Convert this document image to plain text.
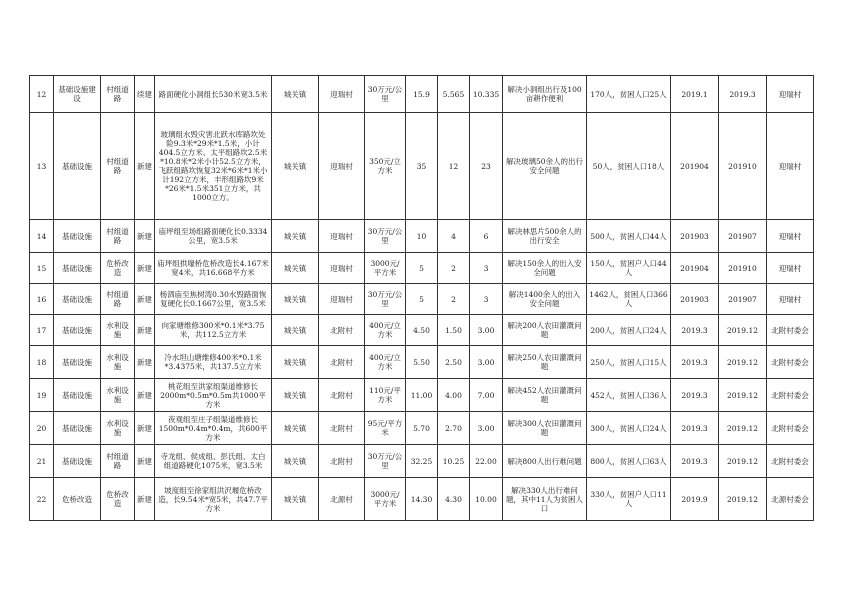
12	基础设施建设	村组道路	续建	路面硬化小洞组长530米宽3.5米	城关镇	迎瑞村	30万元/公里	15.9	5.565	10.335	解决小洞组出行及100亩耕作便利	170人，贫困人口25人	2019.1	2019.3	迎瑞村
13	基础设施	村组道路	新建	玻璃组水毁灾害北跃水库路坎处险9.3米*29米*1.5米，小计404.5立方米、太平组路坎2.5米*10.8米*2米小计52.5立方米，飞跃组路坎恢复32米*6米*1米小计192立方米，丰形组路坎9米*26米*1.5米351立方米，共1000立方。	城关镇	迎瑞村	350元/立方米	35	12	23	解决玻璃50余人的出行安全问题	50人，贫困人口18人	201904	201910	迎瑞村
14	基础设施	村组道路	新建	庙坪组至场组路面硬化长0.3334公里，宽3.5米	城关镇	迎瑞村	30万元/公里	10	4	6	解决林思片500余人的出行安全	500人，贫困人口44人	201903	201907	迎瑞村
15	基础设施	危桥改造	新建	庙坪组拱壕桥危桥改造长4.167米宽4米，共16.668平方米	城关镇	迎瑞村	3000元/平方米	5	2	3	解决150余人的出入安全问题	150人，贫困户人口44人	201904	201910	迎瑞村
16	基础设施	村组道路	新建	杨泗庙至焦树湾0.30水毁路面恢复硬化长0.1667公里，宽3.5米	城关镇	迎瑞村	30万元/公里	5	2	3	解决1400余人的出入安全问题	1462人，贫困人口366人	201903	201907	迎瑞村
17	基础设施	水利设施	新建	向家塘维修300米*0.1米*3.75米，共112.5立方米	城关镇	北附村	400元/立方米	4.50	1.50	3.00	解决200人农田灌溉问题	200人，贫困人口24人	2019.3	2019.12	北附村委会
18	基础设施	水利设施	新建	冷水坦山塘维修400米*0.1米*3.4375米，共137.5立方米	城关镇	北附村	400元/立方米	5.50	2.50	3.00	解决250人农田灌溉问题	250人，贫困人口15人	2019.3	2019.12	北附村委会
19	基础设施	水利设施	新建	桃花组至洪家组渠道维修长2000m*0.5m*0.5m共1000平方米	城关镇	北附村	110元/平方米	11.00	4.00	7.00	解决452人农田灌溉问题	452人，贫困人口36人	2019.3	2019.12	北附村委会
20	基础设施	水利设施	新建	夜观组至庄子组渠道维修长1500m*0.4m*0.4m，共600平方米	城关镇	北附村	95元/平方米	5.70	2.70	3.00	解决300人农田灌溉问题	300人，贫困人口24人	2019.3	2019.12	北附村委会
21	基础设施	村组道路	新建	寺龙组、侯成组、彭氏组、太白组道路硬化1075米，宽3.5米	城关镇	北附村	30万元/公里	32.25	10.25	22.00	解决800人出行难问题	800人，贫困人口63人	2019.3	2019.12	北附村委会
22	危桥改造	危桥改造	新建	坡度组至徐家组洪沢堰危桥改造，长9.54米*宽5米，共47.7平方米	城关镇	北源村	3000元/平方米	14.30	4.30	10.00	解决330人出行难问题，其中11人为贫困人口	330人，贫困户人口11人	2019.9	2019.12	北源村委会
